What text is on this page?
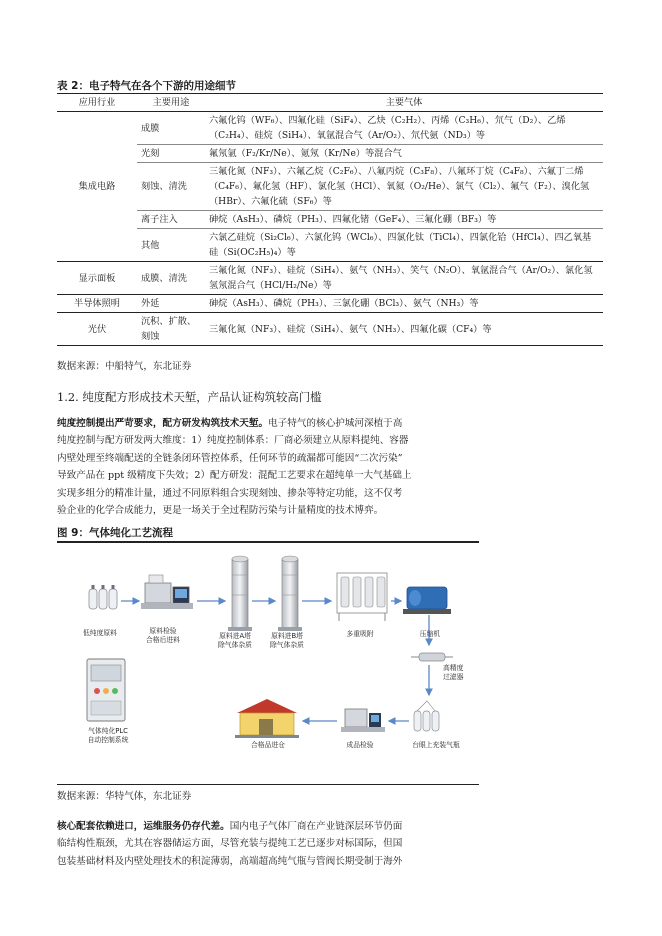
表 2：电子特气在各个下游的用途细节
应用行业	主要用途	主要气体
集成电路	成膜	六氟化钨（WF₆）、四氟化硅（SiF₄）、乙炔（C₂H₂）、丙烯（C₃H₆）、氘气（D₂）、乙烯（C₂H₄）、硅烷（SiH₄）、氧氩混合气（Ar/O₂）、氘代氨（ND₃）等
	光刻	氟氖氩（F₂/Kr/Ne）、氪氖（Kr/Ne）等混合气
	刻蚀、清洗	三氟化氮（NF₃）、六氟乙烷（C₂F₆）、八氟丙烷（C₃F₈）、八氟环丁烷（C₄F₈）、六氟丁二烯（C₄F₆）、氟化氢（HF）、氯化氢（HCl）、氧氦（O₂/He）、氯气（Cl₂）、氟气（F₂）、溴化氢（HBr）、六氟化硫（SF₆）等
	离子注入	砷烷（AsH₃）、磷烷（PH₃）、四氟化锗（GeF₄）、三氟化硼（BF₃）等
	其他	六氯乙硅烷（Si₂Cl₆）、六氯化钨（WCl₆）、四氯化钛（TiCl₄）、四氯化铪（HfCl₄）、四乙氧基硅（Si(OC₂H₅)₄）等
显示面板	成膜、清洗	三氟化氮（NF₃）、硅烷（SiH₄）、氨气（NH₃）、笑气（N₂O）、氧氩混合气（Ar/O₂）、氯化氢氢氖混合气（HCl/H₂/Ne）等
半导体照明	外延	砷烷（AsH₃）、磷烷（PH₃）、三氯化硼（BCl₃）、氨气（NH₃）等
光伏	沉积、扩散、刻蚀	三氟化氮（NF₃）、硅烷（SiH₄）、氨气（NH₃）、四氟化碳（CF₄）等
数据来源：中船特气，东北证券
1.2. 纯度配方形成技术天堑，产品认证构筑较高门槛
纯度控制提出严苛要求，配方研发构筑技术天堑。电子特气的核心护城河深植于高
纯度控制与配方研发两大维度：1）纯度控制体系：厂商必须建立从原料提纯、容器
内壁处理至终端配送的全链条闭环管控体系，任何环节的疏漏都可能因“二次污染”
导致产品在 ppt 级精度下失效；2）配方研发：混配工艺要求在超纯单一大气基础上
实现多组分的精准计量，通过不同原料组合实现刻蚀、掺杂等特定功能，这不仅考
验企业的化学合成能力，更是一场关于全过程防污染与计量精度的技术博弈。
图 9：气体纯化工艺流程
低纯度原料	原料检验
合格后进料	原料进A塔
除气体杂质
原料进B塔
除气体杂质
多重吸附	压缩机
高精度
过滤器
台眼上充装气瓶
成品检验
合格品进仓
气体纯化PLC
自动控制系统
数据来源：华特气体，东北证券
核心配套依赖进口，运维服务仍存代差。国内电子气体厂商在产业链深层环节仍面
临结构性瓶颈，尤其在容器储运方面，尽管充装与提纯工艺已逐步对标国际，但国
包装基础材料及内壁处理技术的积淀薄弱，高端超高纯气瓶与管阀长期受制于海外
